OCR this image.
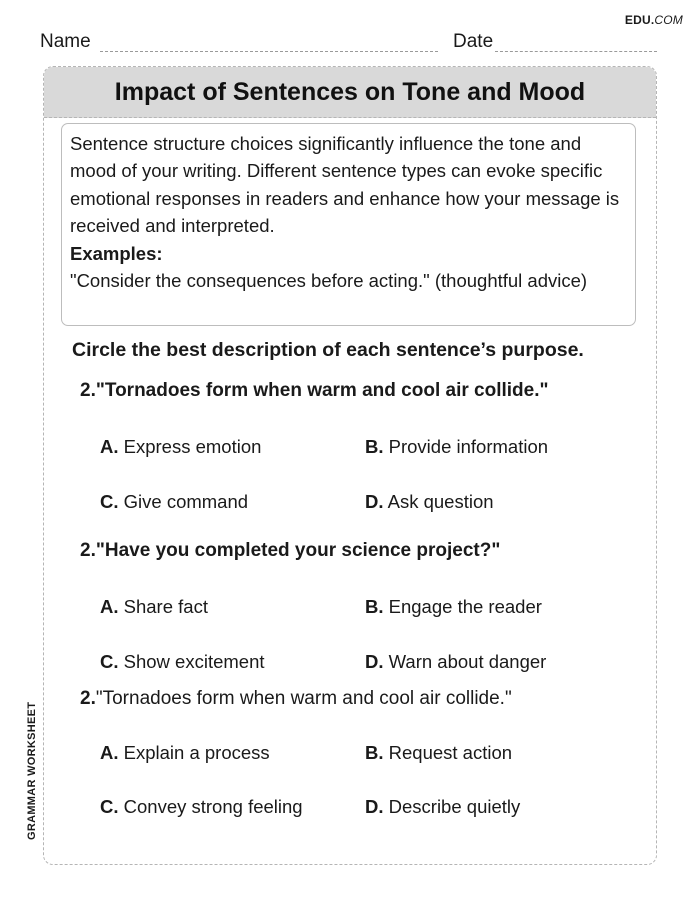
EDU.COM
Name	Date
Impact of Sentences on Tone and Mood

Sentence structure choices significantly influence the tone and mood of your writing. Different sentence types can evoke specific emotional responses in readers and enhance how your message is received and interpreted.

Examples:

"Consider the consequences before acting." (thoughtful advice)

Circle the best description of each sentence’s purpose.
2."Tornadoes form when warm and cool air collide."
A. Express emotion	B. Provide information
C. Give command	D. Ask question
2."Have you completed your science project?"
A. Share fact	B. Engage the reader
C. Show excitement	D. Warn about danger
2."Tornadoes form when warm and cool air collide."
A. Explain a process	B. Request action
C. Convey strong feeling	D. Describe quietly
GRAMMAR WORKSHEET
